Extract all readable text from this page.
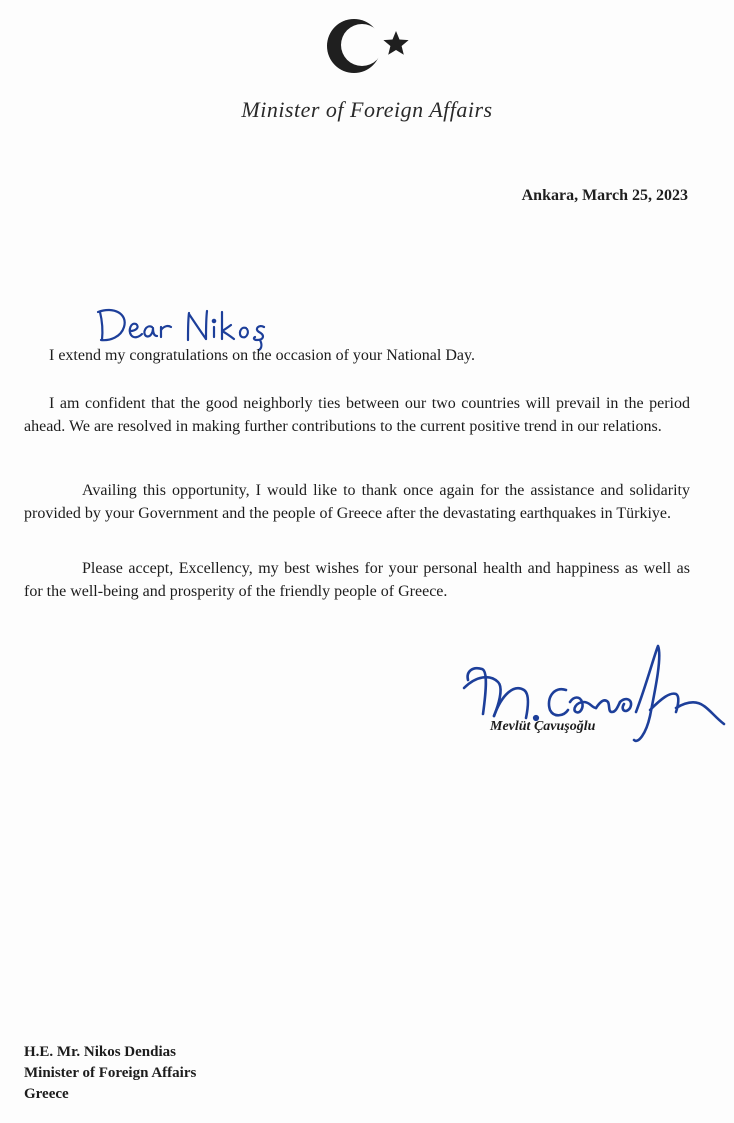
Minister of Foreign Affairs
Ankara, March 25, 2023
I extend my congratulations on the occasion of your National Day.
I am confident that the good neighborly ties between our two countries will prevail in the period ahead. We are resolved in making further contributions to the current positive trend in our relations.
Availing this opportunity, I would like to thank once again for the assistance and solidarity provided by your Government and the people of Greece after the devastating earthquakes in Türkiye.
Please accept, Excellency, my best wishes for your personal health and happiness as well as for the well-being and prosperity of the friendly people of Greece.
Mevlüt Çavuşoğlu
H.E. Mr. Nikos Dendias
Minister of Foreign Affairs
Greece
